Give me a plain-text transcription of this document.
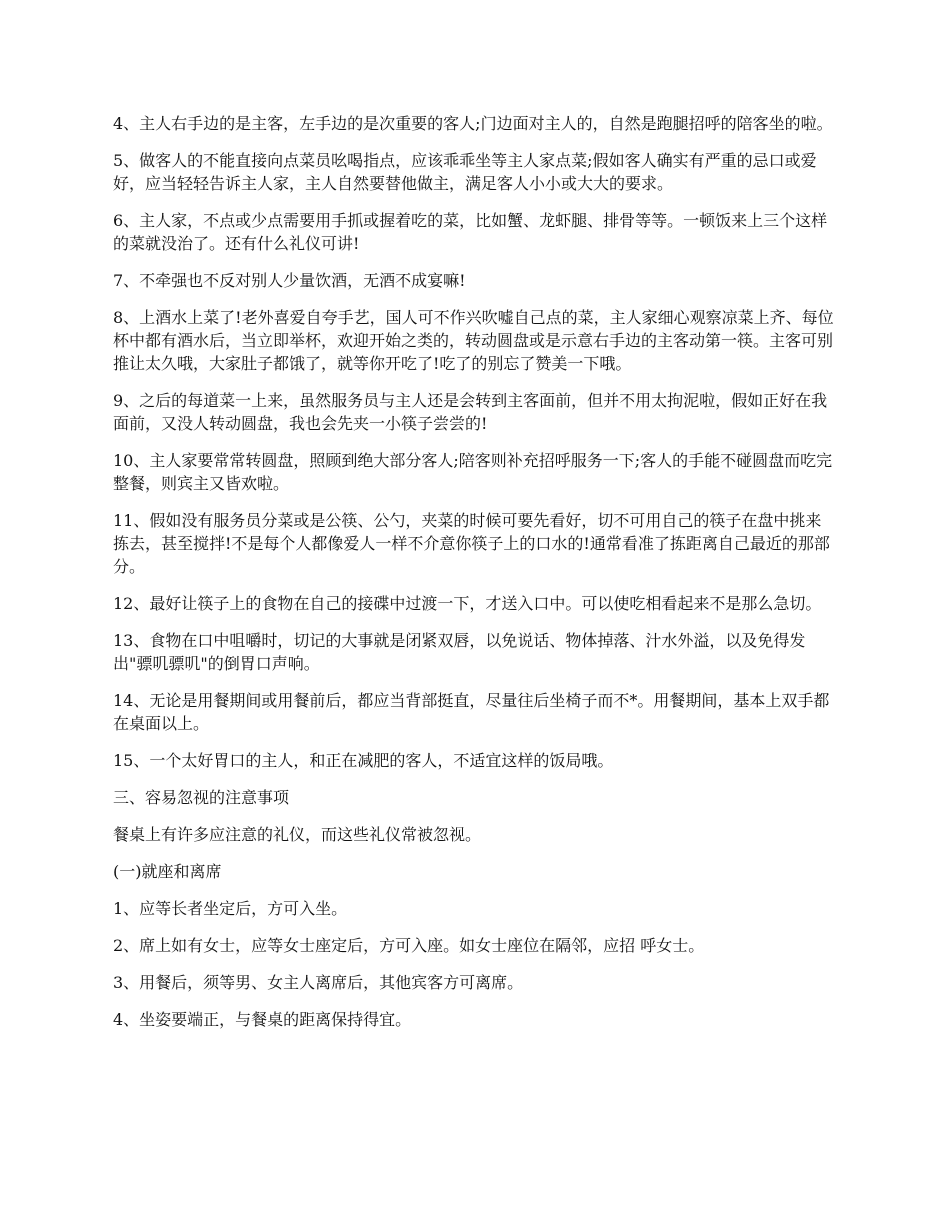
4、主人右手边的是主客，左手边的是次重要的客人;门边面对主人的，自然是跑腿招呼的陪客坐的啦。

5、做客人的不能直接向点菜员吆喝指点，应该乖乖坐等主人家点菜;假如客人确实有严重的忌口或爱好，应当轻轻告诉主人家，主人自然要替他做主，满足客人小小或大大的要求。

6、主人家，不点或少点需要用手抓或握着吃的菜，比如蟹、龙虾腿、排骨等等。一顿饭来上三个这样的菜就没治了。还有什么礼仪可讲!

7、不牵强也不反对别人少量饮酒，无酒不成宴嘛!

8、上酒水上菜了!老外喜爱自夸手艺，国人可不作兴吹嘘自己点的菜，主人家细心观察凉菜上齐、每位杯中都有酒水后，当立即举杯，欢迎开始之类的，转动圆盘或是示意右手边的主客动第一筷。主客可别推让太久哦，大家肚子都饿了，就等你开吃了!吃了的别忘了赞美一下哦。

9、之后的每道菜一上来，虽然服务员与主人还是会转到主客面前，但并不用太拘泥啦，假如正好在我面前，又没人转动圆盘，我也会先夹一小筷子尝尝的!

10、主人家要常常转圆盘，照顾到绝大部分客人;陪客则补充招呼服务一下;客人的手能不碰圆盘而吃完整餐，则宾主又皆欢啦。

11、假如没有服务员分菜或是公筷、公勺，夹菜的时候可要先看好，切不可用自己的筷子在盘中挑来拣去，甚至搅拌!不是每个人都像爱人一样不介意你筷子上的口水的!通常看准了拣距离自己最近的那部分。

12、最好让筷子上的食物在自己的接碟中过渡一下，才送入口中。可以使吃相看起来不是那么急切。

13、食物在口中咀嚼时，切记的大事就是闭紧双唇，以免说话、物体掉落、汁水外溢，以及免得发出"骠叽骠叽"的倒胃口声响。

14、无论是用餐期间或用餐前后，都应当背部挺直，尽量往后坐椅子而不*。用餐期间，基本上双手都在桌面以上。

15、一个太好胃口的主人，和正在减肥的客人，不适宜这样的饭局哦。

三、容易忽视的注意事项

餐桌上有许多应注意的礼仪，而这些礼仪常被忽视。

(一)就座和离席

1、应等长者坐定后，方可入坐。

2、席上如有女士，应等女士座定后，方可入座。如女士座位在隔邻，应招 呼女士。

3、用餐后，须等男、女主人离席后，其他宾客方可离席。

4、坐姿要端正，与餐桌的距离保持得宜。
